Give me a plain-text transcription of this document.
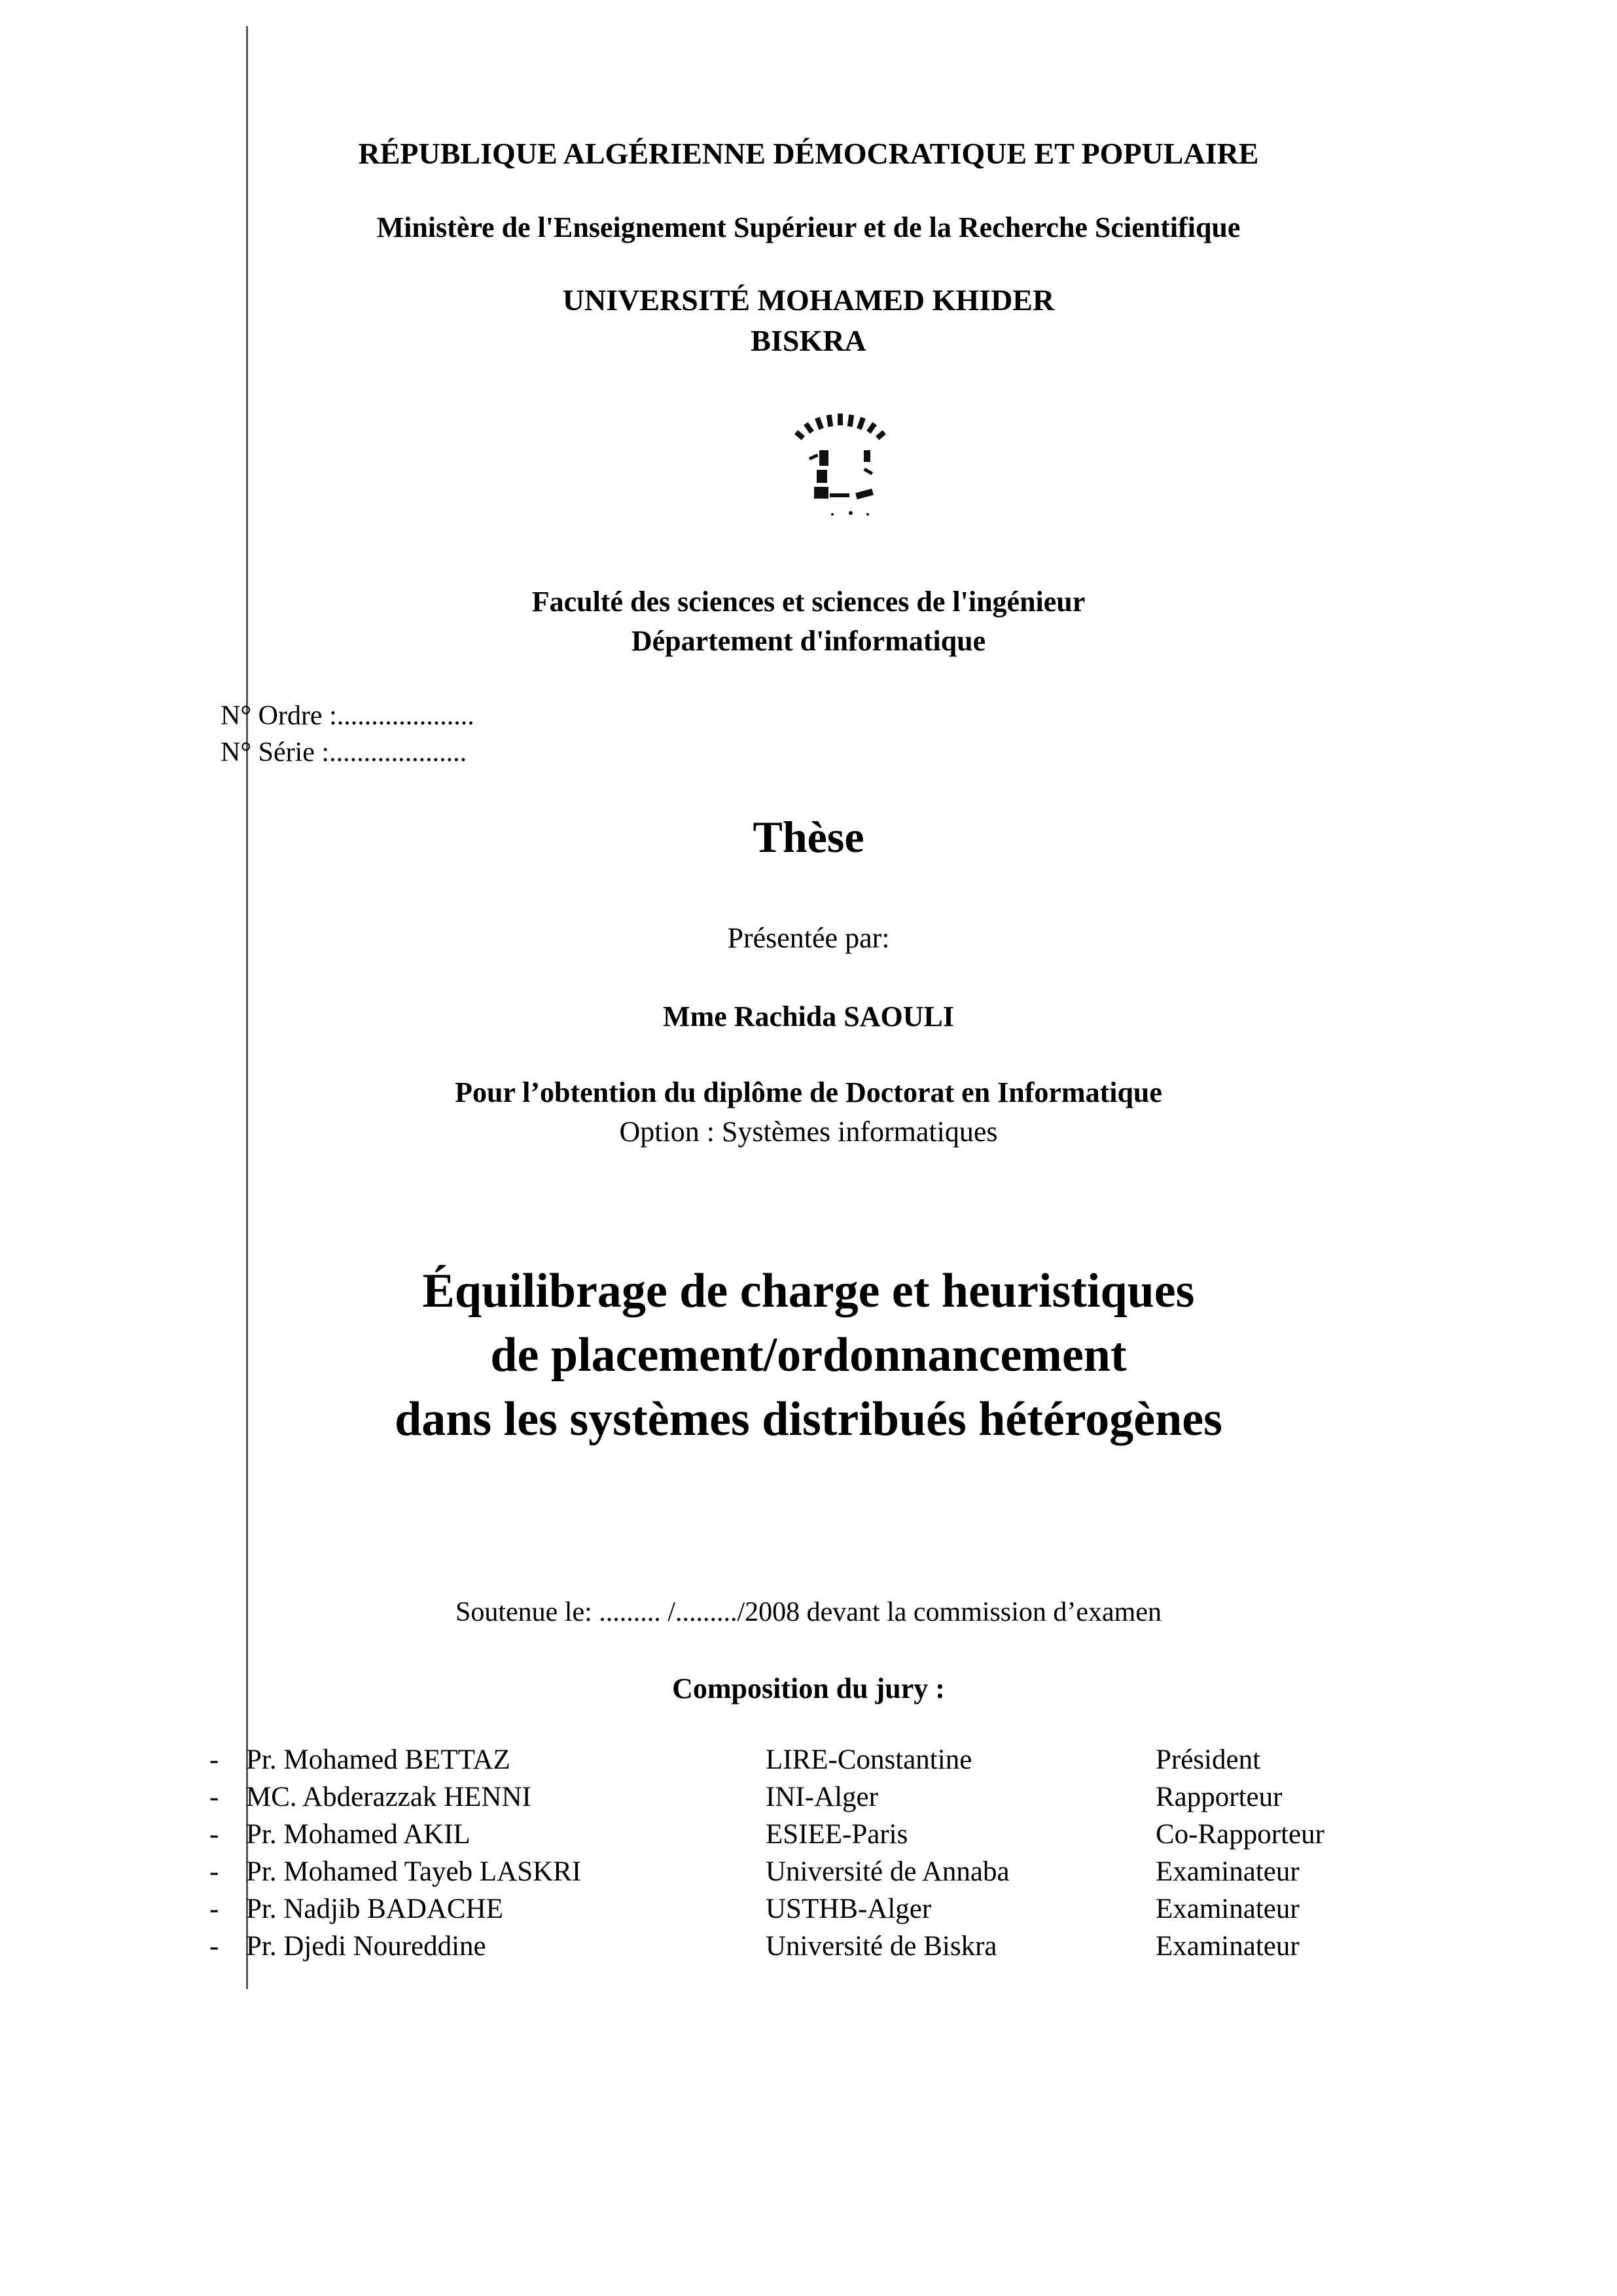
RÉPUBLIQUE ALGÉRIENNE DÉMOCRATIQUE ET POPULAIRE
Ministère de l'Enseignement Supérieur et de la Recherche Scientifique
UNIVERSITÉ MOHAMED KHIDER
BISKRA
Faculté des sciences et sciences de l'ingénieur
Département d'informatique
N° Ordre :....................
N° Série :....................
Thèse
Présentée par:
Mme Rachida SAOULI
Pour l’obtention du diplôme de Doctorat en Informatique
Option : Systèmes informatiques
Équilibrage de charge et heuristiques
de placement/ordonnancement
dans les systèmes distribués hétérogènes
Soutenue le: ......... /........./2008 devant la commission d’examen
Composition du jury :
- Pr. Mohamed BETTAZ	LIRE-Constantine	Président
- MC. Abderazzak HENNI	INI-Alger	Rapporteur
- Pr. Mohamed AKIL	ESIEE-Paris	Co-Rapporteur
- Pr. Mohamed Tayeb LASKRI	Université de Annaba	Examinateur
- Pr. Nadjib BADACHE	USTHB-Alger	Examinateur
- Pr. Djedi Noureddine	Université de Biskra	Examinateur
